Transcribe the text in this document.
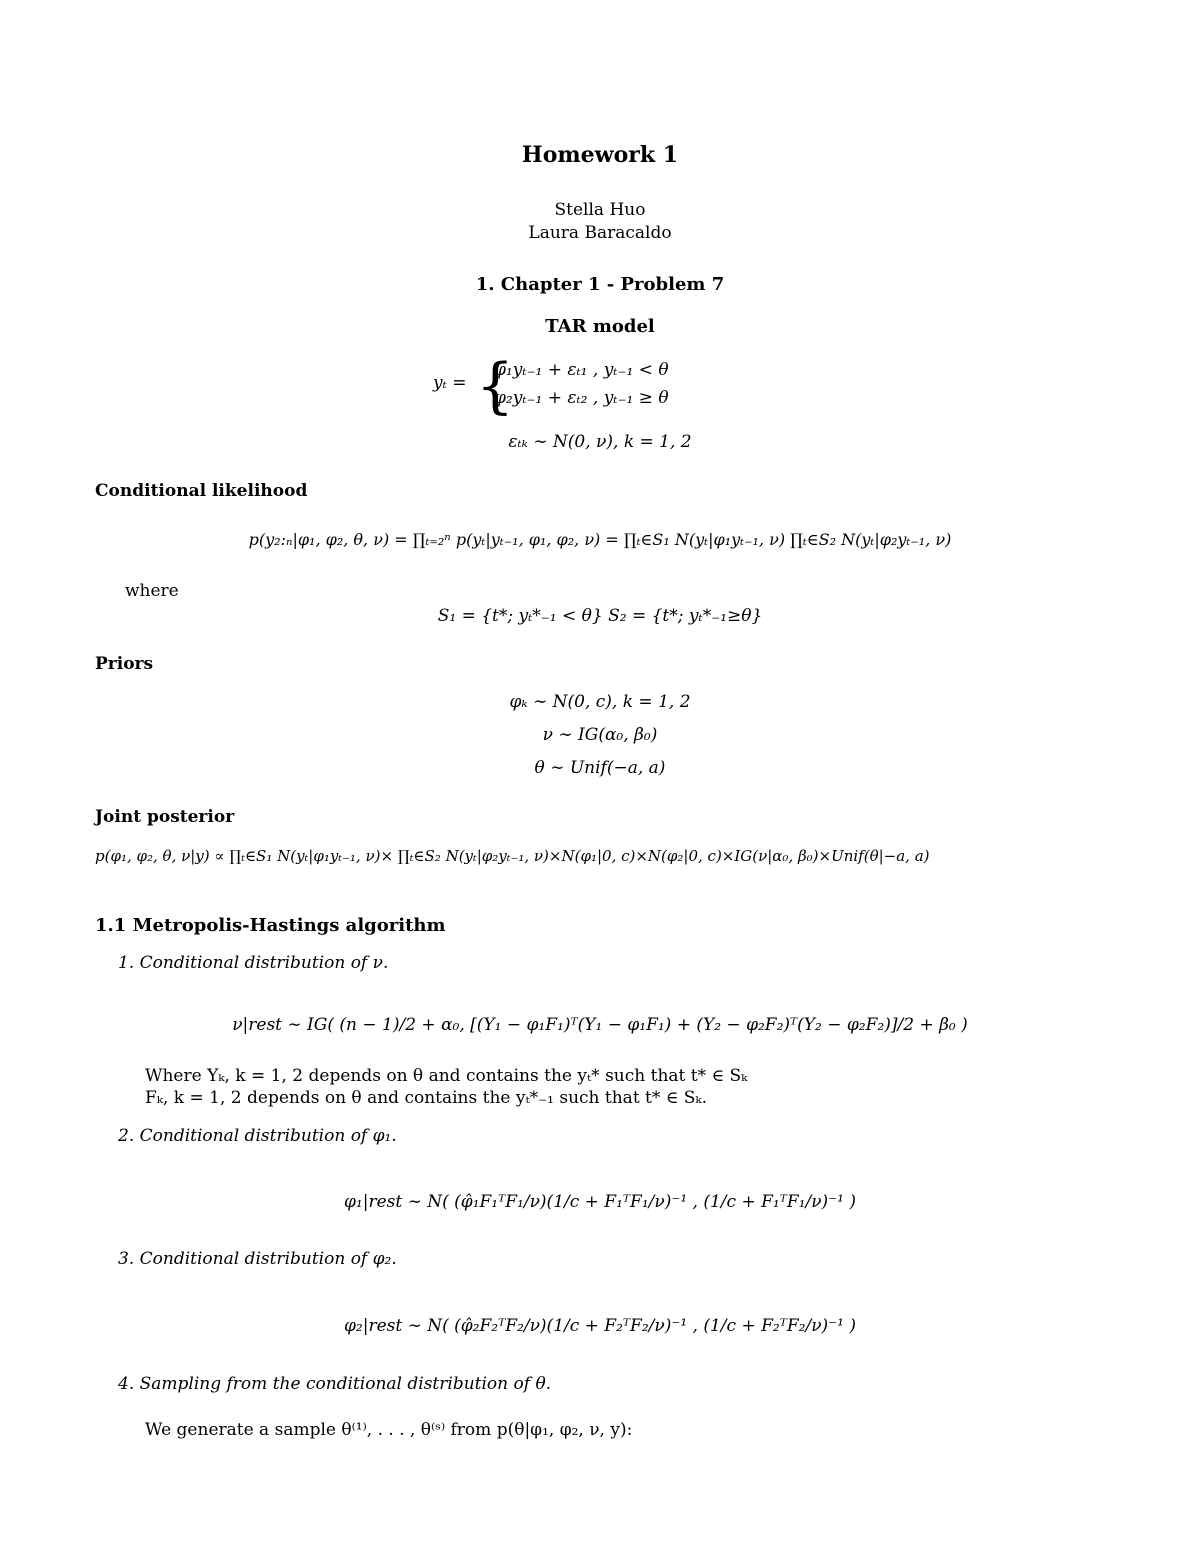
Homework 1
Stella Huo
Laura Baracaldo
1. Chapter 1 - Problem 7
TAR model
yₜ = {
φ₁yₜ₋₁ + εₜ₁ , yₜ₋₁ < θ
φ₂yₜ₋₁ + εₜ₂ , yₜ₋₁ ≥ θ
εₜₖ ∼ N(0, ν), k = 1, 2
Conditional likelihood
p(y₂:ₙ|φ₁, φ₂, θ, ν) = ∏ₜ₌₂ⁿ p(yₜ|yₜ₋₁, φ₁, φ₂, ν) = ∏ₜ∈S₁ N(yₜ|φ₁yₜ₋₁, ν) ∏ₜ∈S₂ N(yₜ|φ₂yₜ₋₁, ν)
where
S₁ = {t*; yₜ*₋₁ < θ} S₂ = {t*; yₜ*₋₁≥θ}
Priors
φₖ ∼ N(0, c), k = 1, 2
ν ∼ IG(α₀, β₀)
θ ∼ Unif(−a, a)
Joint posterior
p(φ₁, φ₂, θ, ν|y) ∝ ∏ₜ∈S₁ N(yₜ|φ₁yₜ₋₁, ν)× ∏ₜ∈S₂ N(yₜ|φ₂yₜ₋₁, ν)×N(φ₁|0, c)×N(φ₂|0, c)×IG(ν|α₀, β₀)×Unif(θ|−a, a)
1.1 Metropolis-Hastings algorithm
1. Conditional distribution of ν.
ν|rest ∼ IG( (n − 1)/2 + α₀, [(Y₁ − φ₁F₁)ᵀ(Y₁ − φ₁F₁) + (Y₂ − φ₂F₂)ᵀ(Y₂ − φ₂F₂)]/2 + β₀ )
Where Yₖ, k = 1, 2 depends on θ and contains the yₜ* such that t* ∈ Sₖ
Fₖ, k = 1, 2 depends on θ and contains the yₜ*₋₁ such that t* ∈ Sₖ.
2. Conditional distribution of φ₁.
φ₁|rest ∼ N( (φ̂₁F₁ᵀF₁/ν)(1/c + F₁ᵀF₁/ν)⁻¹ , (1/c + F₁ᵀF₁/ν)⁻¹ )
3. Conditional distribution of φ₂.
φ₂|rest ∼ N( (φ̂₂F₂ᵀF₂/ν)(1/c + F₂ᵀF₂/ν)⁻¹ , (1/c + F₂ᵀF₂/ν)⁻¹ )
4. Sampling from the conditional distribution of θ.
We generate a sample θ⁽¹⁾, . . . , θ⁽ˢ⁾ from p(θ|φ₁, φ₂, ν, y):
